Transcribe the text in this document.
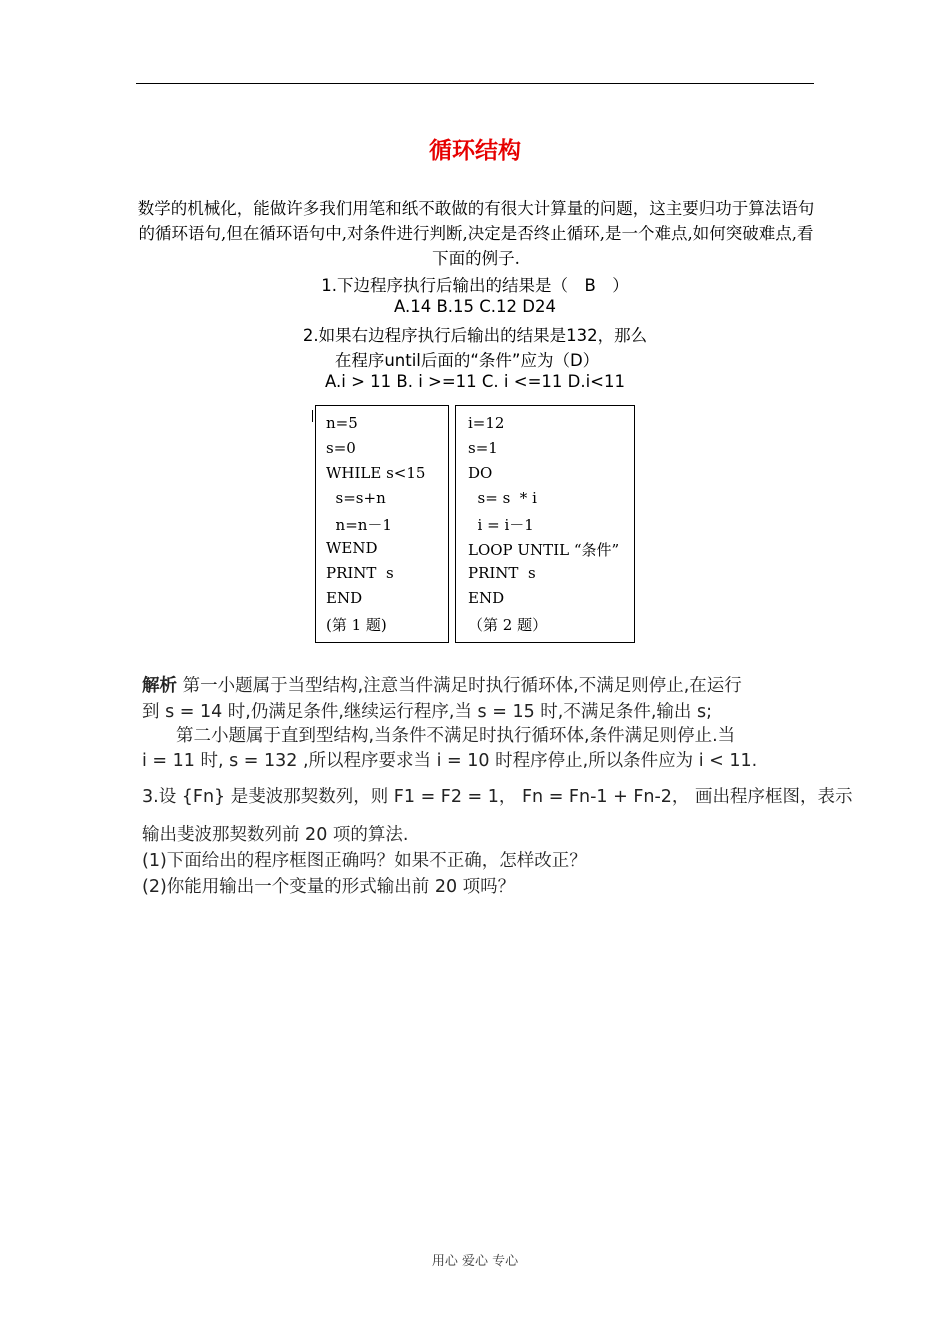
循环结构
数学的机械化，能做许多我们用笔和纸不敢做的有很大计算量的问题，这主要归功于算法语句的循环语句,但在循环语句中,对条件进行判断,决定是否终止循环,是一个难点,如何突破难点,看下面的例子.
1.下边程序执行后输出的结果是（　B　）
A.14 B.15 C.12 D24
2.如果右边程序执行后输出的结果是132，那么
在程序until后面的“条件”应为（D）
A.i > 11 B. i >=11 C. i <=11 D.i<11
n=5
s=0
WHILE s<15
s=s+n
n=n－1
WEND
PRINT  s
END
(第 1 题)
i=12
s=1
DO
s= s  * i
i = i－1
LOOP UNTIL “条件”
PRINT  s
END
（第 2 题）
解析 第一小题属于当型结构,注意当件满足时执行循环体,不满足则停止,在运行
到 s = 14 时,仍满足条件,继续运行程序,当 s = 15 时,不满足条件,输出 s;
第二小题属于直到型结构,当条件不满足时执行循环体,条件满足则停止.当
i = 11 时, s = 132 ,所以程序要求当 i = 10 时程序停止,所以条件应为 i < 11.
3.设 {Fn} 是斐波那契数列，则 F1 = F2 = 1， Fn = Fn-1 + Fn-2， 画出程序框图，表示
输出斐波那契数列前 20 项的算法.
(1)下面给出的程序框图正确吗？如果不正确，怎样改正？
(2)你能用输出一个变量的形式输出前 20 项吗？
用心 爱心 专心
